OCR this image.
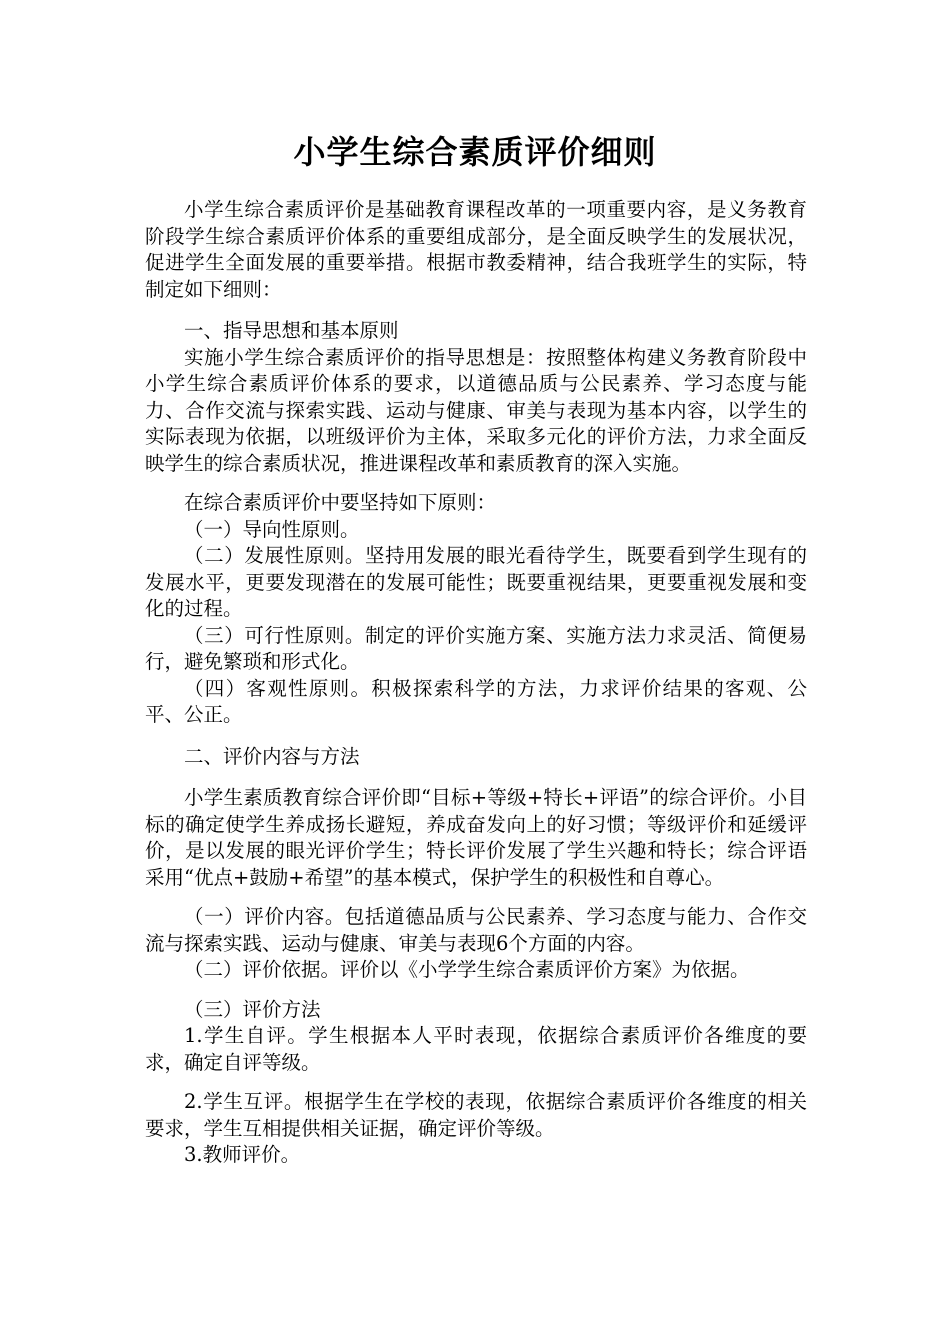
小学生综合素质评价细则

小学生综合素质评价是基础教育课程改革的一项重要内容，是义务教育阶段学生综合素质评价体系的重要组成部分，是全面反映学生的发展状况，促进学生全面发展的重要举措。根据市教委精神，结合我班学生的实际，特制定如下细则：

一、指导思想和基本原则

实施小学生综合素质评价的指导思想是：按照整体构建义务教育阶段中小学生综合素质评价体系的要求，以道德品质与公民素养、学习态度与能力、合作交流与探索实践、运动与健康、审美与表现为基本内容，以学生的实际表现为依据，以班级评价为主体，采取多元化的评价方法，力求全面反映学生的综合素质状况，推进课程改革和素质教育的深入实施。

在综合素质评价中要坚持如下原则：

（一）导向性原则。

（二）发展性原则。坚持用发展的眼光看待学生，既要看到学生现有的发展水平，更要发现潜在的发展可能性；既要重视结果，更要重视发展和变化的过程。

（三）可行性原则。制定的评价实施方案、实施方法力求灵活、简便易行，避免繁琐和形式化。

（四）客观性原则。积极探索科学的方法，力求评价结果的客观、公平、公正。

二、评价内容与方法

小学生素质教育综合评价即“目标+等级+特长+评语”的综合评价。小目标的确定使学生养成扬长避短，养成奋发向上的好习惯；等级评价和延缓评价，是以发展的眼光评价学生；特长评价发展了学生兴趣和特长；综合评语采用“优点+鼓励+希望”的基本模式，保护学生的积极性和自尊心。

（一）评价内容。包括道德品质与公民素养、学习态度与能力、合作交流与探索实践、运动与健康、审美与表现6个方面的内容。

（二）评价依据。评价以《小学学生综合素质评价方案》为依据。

（三）评价方法

1.学生自评。学生根据本人平时表现，依据综合素质评价各维度的要求，确定自评等级。

2.学生互评。根据学生在学校的表现，依据综合素质评价各维度的相关要求，学生互相提供相关证据，确定评价等级。

3.教师评价。
